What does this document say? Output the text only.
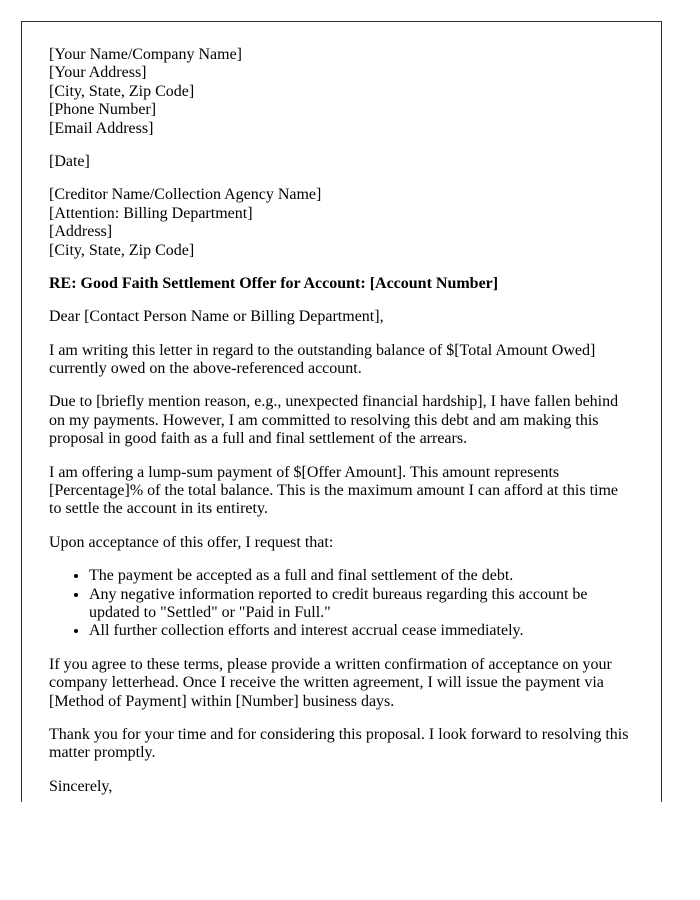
[Your Name/Company Name]
[Your Address]
[City, State, Zip Code]
[Phone Number]
[Email Address]

[Date]

[Creditor Name/Collection Agency Name]
[Attention: Billing Department]
[Address]
[City, State, Zip Code]

RE: Good Faith Settlement Offer for Account: [Account Number]

Dear [Contact Person Name or Billing Department],

I am writing this letter in regard to the outstanding balance of $[Total Amount Owed] currently owed on the above-referenced account.

Due to [briefly mention reason, e.g., unexpected financial hardship], I have fallen behind on my payments. However, I am committed to resolving this debt and am making this proposal in good faith as a full and final settlement of the arrears.

I am offering a lump-sum payment of $[Offer Amount]. This amount represents [Percentage]% of the total balance. This is the maximum amount I can afford at this time to settle the account in its entirety.

Upon acceptance of this offer, I request that:

• The payment be accepted as a full and final settlement of the debt.
• Any negative information reported to credit bureaus regarding this account be updated to "Settled" or "Paid in Full."
• All further collection efforts and interest accrual cease immediately.

If you agree to these terms, please provide a written confirmation of acceptance on your company letterhead. Once I receive the written agreement, I will issue the payment via [Method of Payment] within [Number] business days.

Thank you for your time and for considering this proposal. I look forward to resolving this matter promptly.

Sincerely,
